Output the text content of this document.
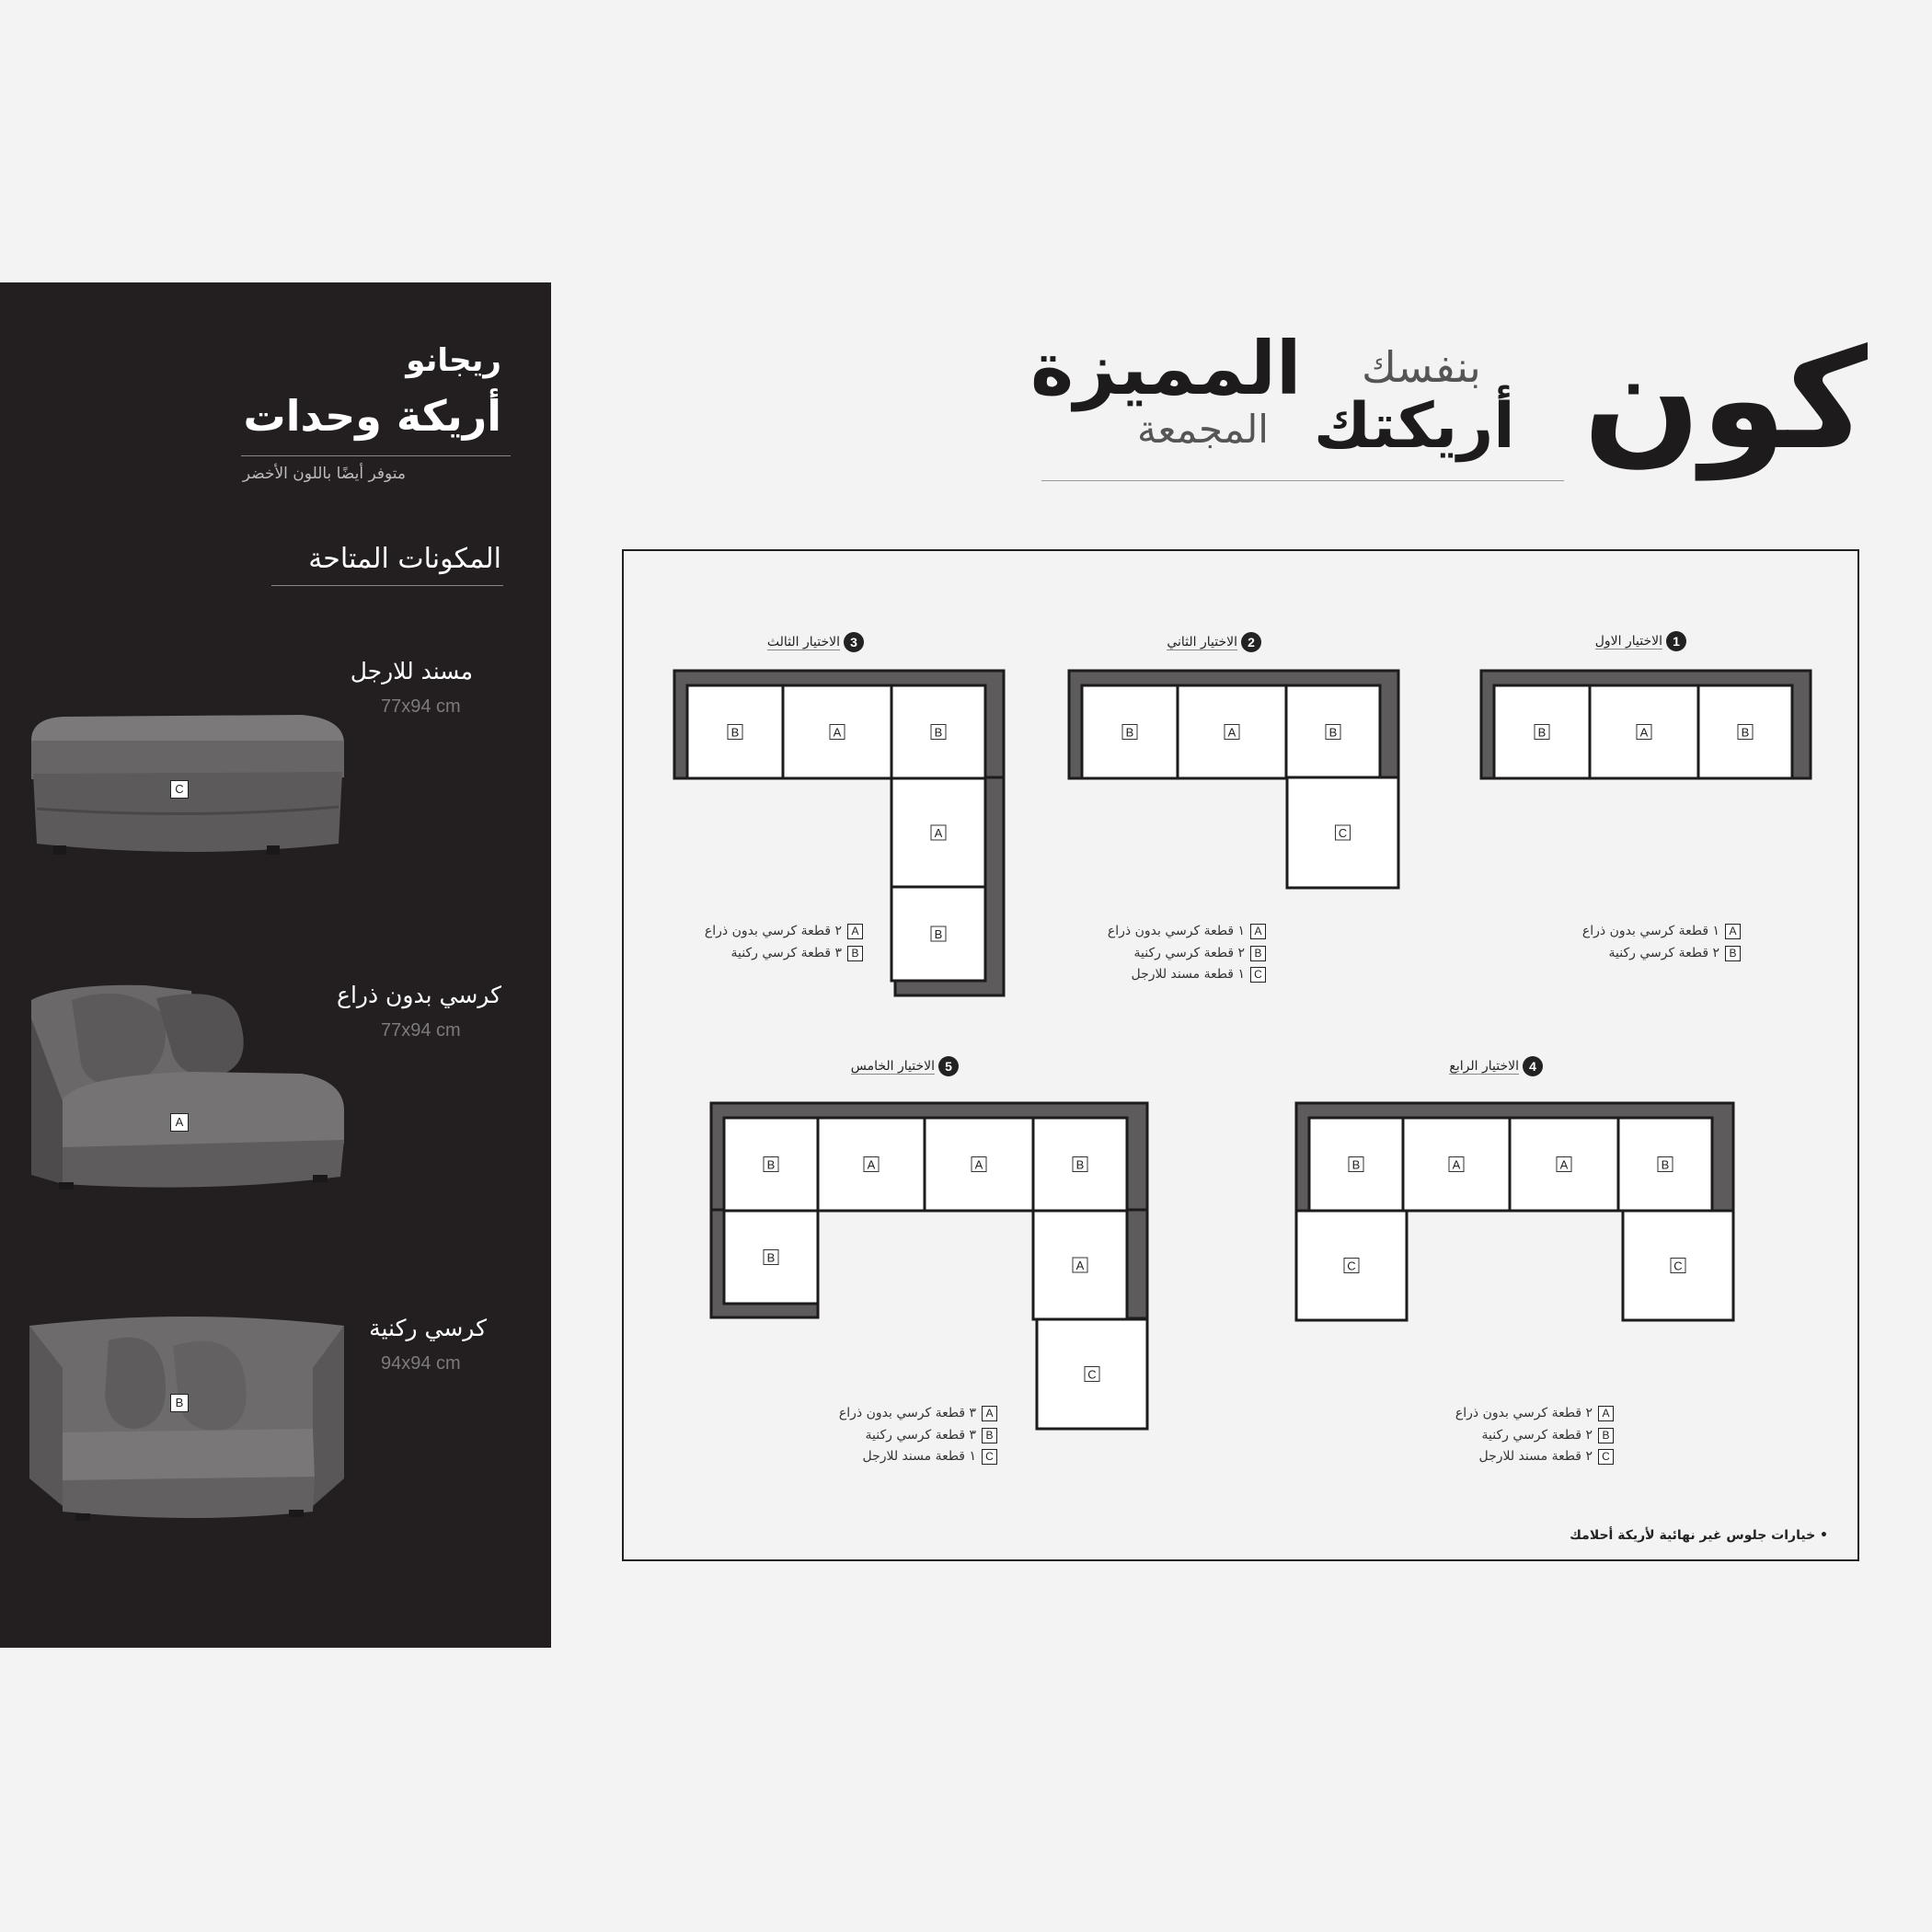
كون
بنفسك
المميزة
أريكتك
المجمعة
ريجانو
أريكة وحدات
متوفر أيضًا باللون الأخضر
المكونات المتاحة
مسند للارجل
77x94 cm
C
كرسي بدون ذراع
77x94 cm
A
كرسي ركنية
94x94 cm
B
B	A	B
B	A	B
C
B	A	B
A
B
B	A	A	B
C	C
B	A	A	B
B
A
C
1الاختيار الاول
2الاختيار الثاني
3الاختيار الثالث
4الاختيار الرابع
5الاختيار الخامس
A١ قطعة كرسي بدون ذراع
B٢ قطعة كرسي ركنية
A١ قطعة كرسي بدون ذراع
B٢ قطعة كرسي ركنية
C١ قطعة مسند للارجل
A٢ قطعة كرسي بدون ذراع
B٣ قطعة كرسي ركنية
A٢ قطعة كرسي بدون ذراع
B٢ قطعة كرسي ركنية
C٢ قطعة مسند للارجل
A٣ قطعة كرسي بدون ذراع
B٣ قطعة كرسي ركنية
C١ قطعة مسند للارجل
• خيارات جلوس غير نهائية لأريكة أحلامك
